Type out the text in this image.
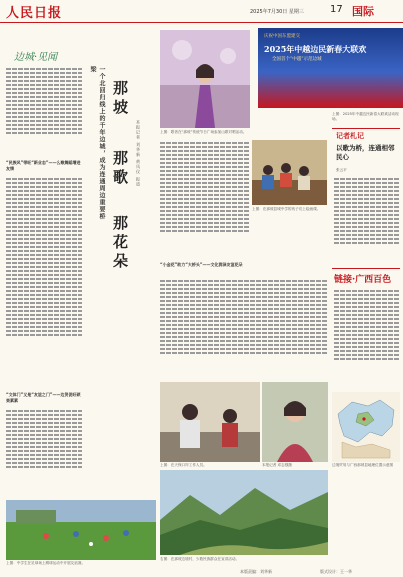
人民日报	2025年7月30日 星期三	17 国际
边城·见闻
“民族风”带旺“新业态”——么歌舞蹈增进友情
“文体门”又是“友谊之门”——边贸促旺硕果累累
一个北回归线上的千年边城，成为连通周边重要桥梁
那坡
那歌
那花朵
本报记者 刘华新 黄凤仪 报道	上图：歌者在“那坡”传统节日广场参加山歌对唱活动。
上图：在那坡县城中学的孩子们上绘画课。
“小金花”助力“大桥头”——文化润泽友谊花朵
上图：在天保口岸工作人员。	本报记者 邓志强摄
上图：中学生在足球场上踢球运动中开展友谊赛。
右图：在那坡边境村，少数民族群众在宣讲活动。
庆祝中国东盟建交
2025年中越边民新春大联欢
全国首个“中越”示范边城
上图：2025年中越边民新春大联欢活动现场。
记者札记
以歌为桥，连通相邻民心
张云平
链接·广西百色
边境贸易与广西那坡县地理位置示意图
本版责编：刘华新	版式设计：王一华
